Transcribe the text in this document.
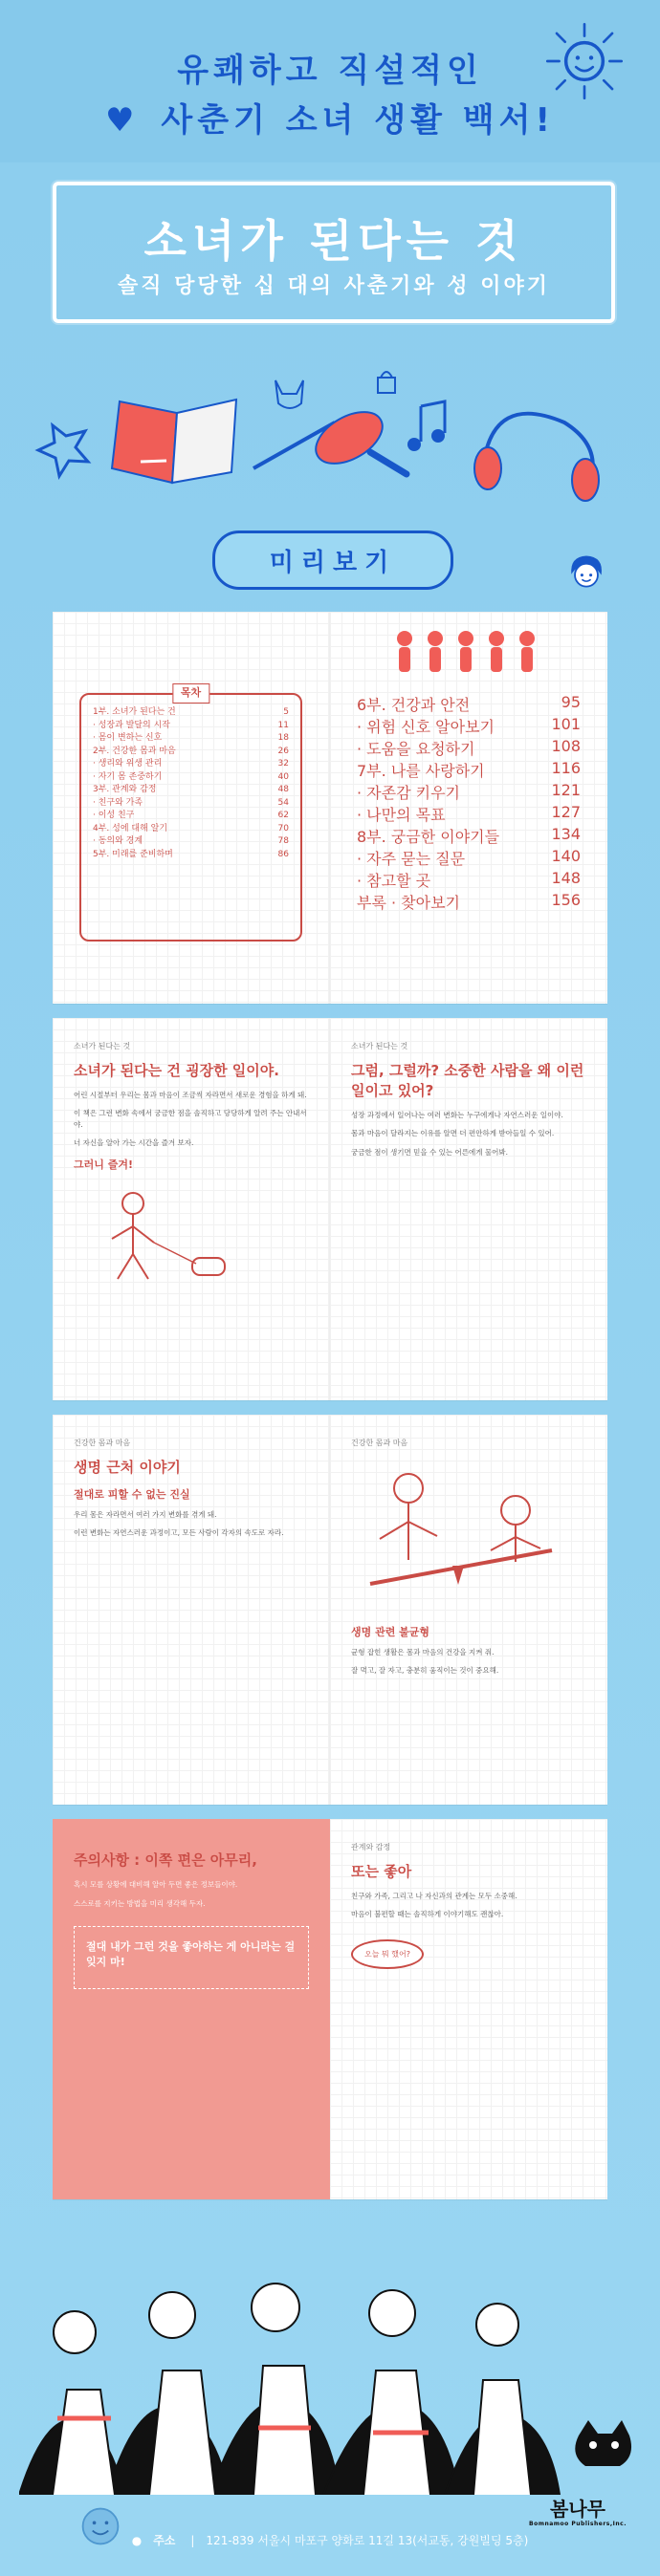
유쾌하고 직설적인
♥ 사춘기 소녀 생활 백서!
소녀가 된다는 것
솔직 당당한 십 대의 사춘기와 성 이야기
미리보기
목차
1부. 소녀가 된다는 건	5
· 성장과 발달의 시작	11
· 몸이 변하는 신호	18
2부. 건강한 몸과 마음	26
· 생리와 위생 관리	32
· 자기 몸 존중하기	40
3부. 관계와 감정	48
· 친구와 가족	54
· 이성 친구	62
4부. 성에 대해 알기	70
· 동의와 경계	78
5부. 미래를 준비하며	86
6부. 건강과 안전	95
· 위험 신호 알아보기	101
· 도움을 요청하기	108
7부. 나를 사랑하기	116
· 자존감 키우기	121
· 나만의 목표	127
8부. 궁금한 이야기들	134
· 자주 묻는 질문	140
· 참고할 곳	148
부록 · 찾아보기	156
소녀가 된다는 것
소녀가 된다는 건 굉장한 일이야.
어린 시절부터 우리는 몸과 마음이 조금씩 자라면서 새로운 경험을 하게 돼.
이 책은 그런 변화 속에서 궁금한 점을 솔직하고 당당하게 알려 주는 안내서야.
너 자신을 알아 가는 시간을 즐겨 보자.
그러니 즐겨!
소녀가 된다는 것
그럼, 그럴까? 소중한 사람을 왜 이런 일이고 있어?
성장 과정에서 일어나는 여러 변화는 누구에게나 자연스러운 일이야.
몸과 마음이 달라지는 이유를 알면 더 편안하게 받아들일 수 있어.
궁금한 점이 생기면 믿을 수 있는 어른에게 물어봐.
건강한 몸과 마음
생명 근처 이야기
절대로 피할 수 없는 진실
우리 몸은 자라면서 여러 가지 변화를 겪게 돼.
이런 변화는 자연스러운 과정이고, 모든 사람이 각자의 속도로 자라.
건강한 몸과 마음
생명 관련 불균형
균형 잡힌 생활은 몸과 마음의 건강을 지켜 줘.
잘 먹고, 잘 자고, 충분히 움직이는 것이 중요해.
주의사항 : 이쪽 편은 아무리,
혹시 모를 상황에 대비해 알아 두면 좋은 정보들이야.
스스로를 지키는 방법을 미리 생각해 두자.
절대 내가 그런 것을 좋아하는 게 아니라는 걸 잊지 마!
관계와 감정
또는 좋아
친구와 가족, 그리고 나 자신과의 관계는 모두 소중해.
마음이 불편할 때는 솔직하게 이야기해도 괜찮아.
오늘 뭐 했어?
● 주소 | 121-839 서울시 마포구 양화로 11길 13(서교동, 강원빌딩 5층)
봄나무
Bomnamoo Publishers,Inc.
